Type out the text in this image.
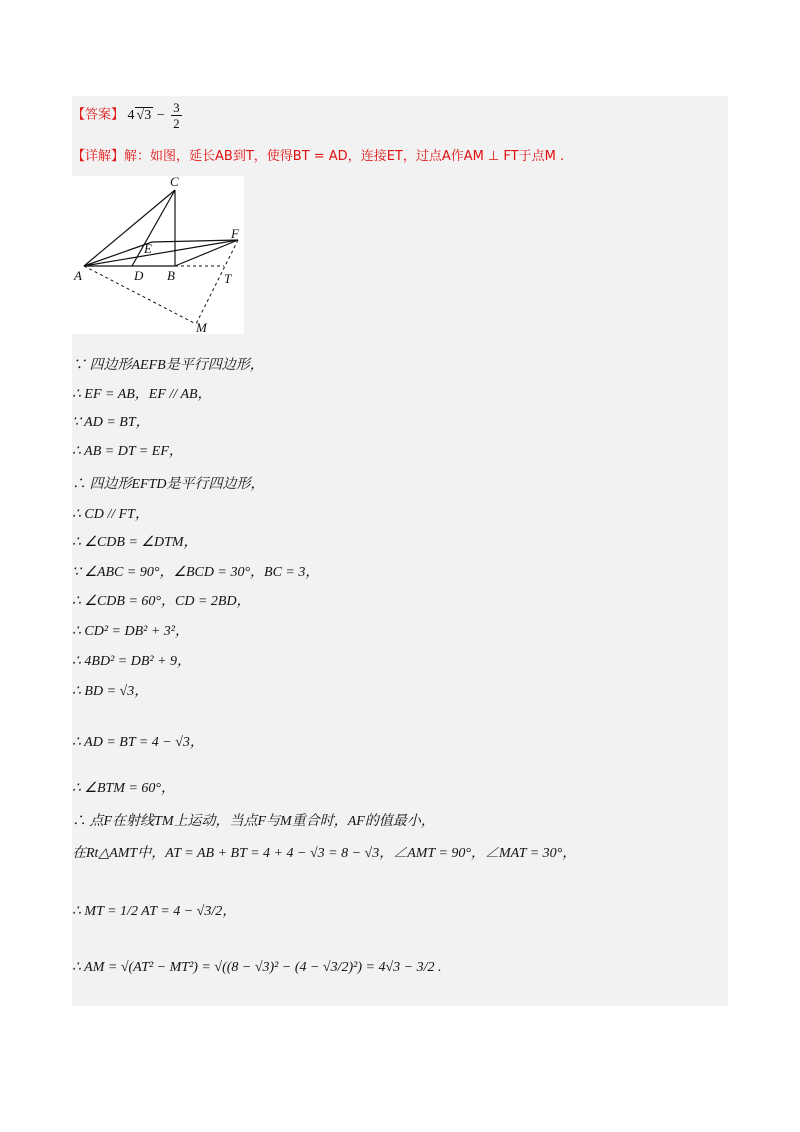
【答案】 4 $√3 - \frac{3}{2}$
【详解】解：如图，延长AB到T，使得BT = AD，连接ET，过点A作AM ⊥ FT于点M .
C
E
F
A	D B	T
M
∵ 四边形AEFB是平行四边形，
∴ EF = AB，EF // AB，
∵ AD = BT，
∴ AB = DT = EF，
∴ 四边形EFTD是平行四边形，
∴ CD // FT，
∴ ∠CDB = ∠DTM，
∵ ∠ABC = 90°，∠BCD = 30°，BC = 3，
∴ ∠CDB = 60°，CD = 2BD，
∴ CD² = DB² + 3²，
∴ 4BD² = DB² + 9，
∴ BD = √3，
∴ AD = BT = 4 − √3，
∴ ∠BTM = 60°，
∴ 点F在射线TM上运动，当点F与M重合时，AF的值最小，
在Rt△AMT中，AT = AB + BT = 4 + 4 − √3 = 8 − √3，∠AMT = 90°，∠MAT = 30°，
∴ MT = 1/2 AT = 4 − √3/2，
∴ AM = √(AT² − MT²) = √((8 − √3)² − (4 − √3/2)²) = 4√3 − 3/2 .
